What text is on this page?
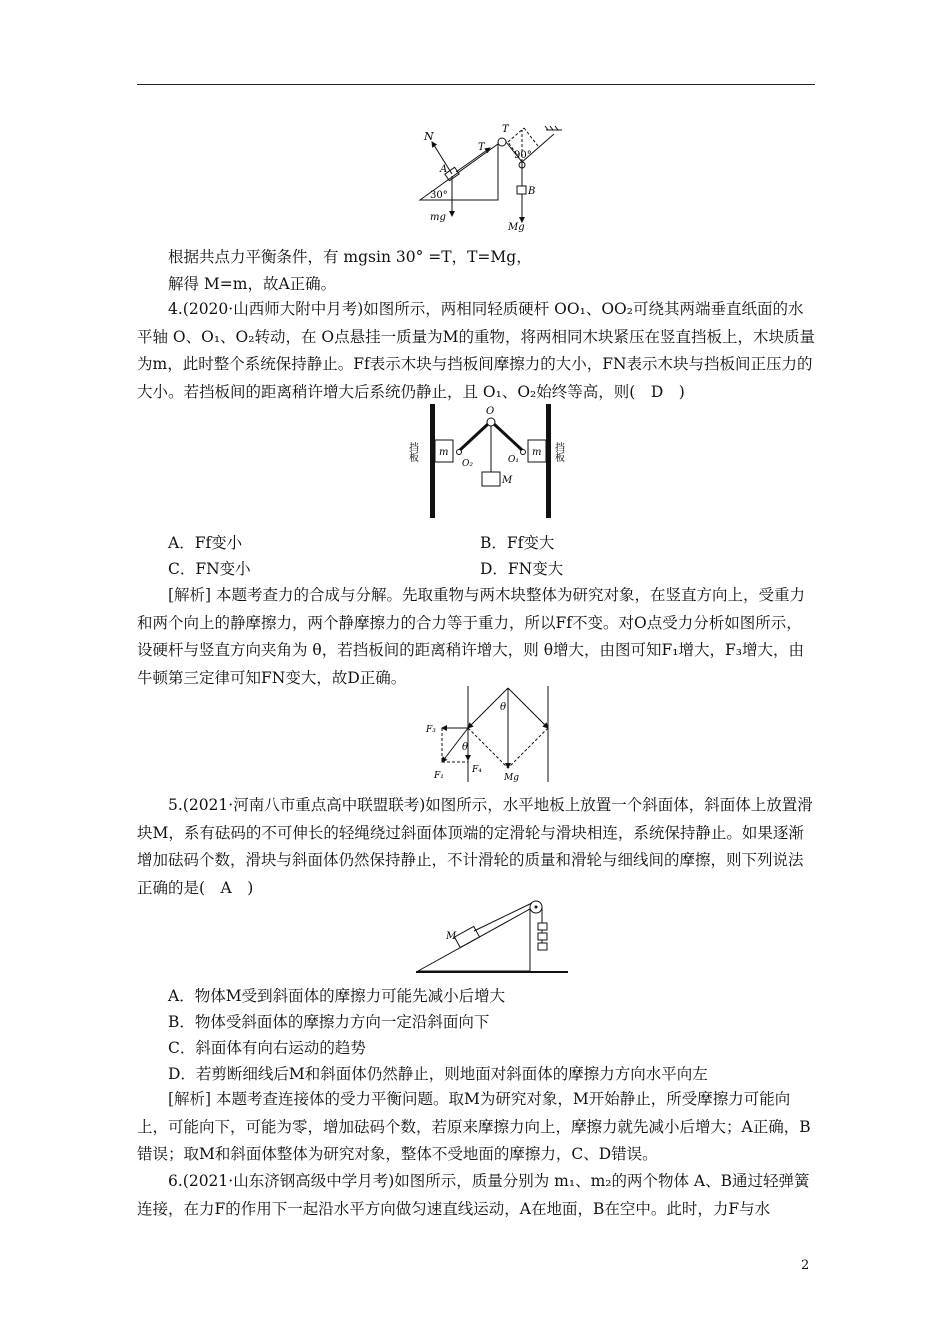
N
A
T
T
30°
90°
B
mg
Mg

根据共点力平衡条件，有 mgsin 30° =T，T=Mg，

解得 M=m，故A正确。

4.(2020·山西师大附中月考)如图所示，两相同轻质硬杆 OO₁、OO₂可绕其两端垂直纸面的水平轴 O、O₁、O₂转动，在 O点悬挂一质量为M的重物，将两相同木块紧压在竖直挡板上，木块质量为m，此时整个系统保持静止。Ff表示木块与挡板间摩擦力的大小，FN表示木块与挡板间正压力的大小。若挡板间的距离稍许增大后系统仍静止，且 O₁、O₂始终等高，则(　D　)

O
O₂	O₁
m	m
M
挡板	挡板
A．Ff变小	B．Ff变大
C．FN变小	D．FN变大

[解析] 本题考查力的合成与分解。先取重物与两木块整体为研究对象，在竖直方向上，受重力和两个向上的静摩擦力，两个静摩擦力的合力等于重力，所以Ff不变。对O点受力分析如图所示，设硬杆与竖直方向夹角为 θ，若挡板间的距离稍许增大，则 θ增大，由图可知F₁增大，F₃增大，由牛顿第三定律可知FN变大，故D正确。

θ
θ
F₃
F₁
F₄
Mg

5.(2021·河南八市重点高中联盟联考)如图所示，水平地板上放置一个斜面体，斜面体上放置滑块M，系有砝码的不可伸长的轻绳绕过斜面体顶端的定滑轮与滑块相连，系统保持静止。如果逐渐增加砝码个数，滑块与斜面体仍然保持静止，不计滑轮的质量和滑轮与细线间的摩擦，则下列说法正确的是(　A　)

M
A．物体M受到斜面体的摩擦力可能先减小后增大
B．物体受斜面体的摩擦力方向一定沿斜面向下
C．斜面体有向右运动的趋势
D．若剪断细线后M和斜面体仍然静止，则地面对斜面体的摩擦力方向水平向左

[解析] 本题考查连接体的受力平衡问题。取M为研究对象，M开始静止，所受摩擦力可能向上，可能向下，可能为零，增加砝码个数，若原来摩擦力向上，摩擦力就先减小后增大；A正确，B错误；取M和斜面体整体为研究对象，整体不受地面的摩擦力，C、D错误。

6.(2021·山东济钢高级中学月考)如图所示，质量分别为 m₁、m₂的两个物体 A、B通过轻弹簧连接，在力F的作用下一起沿水平方向做匀速直线运动，A在地面，B在空中。此时，力F与水

2
